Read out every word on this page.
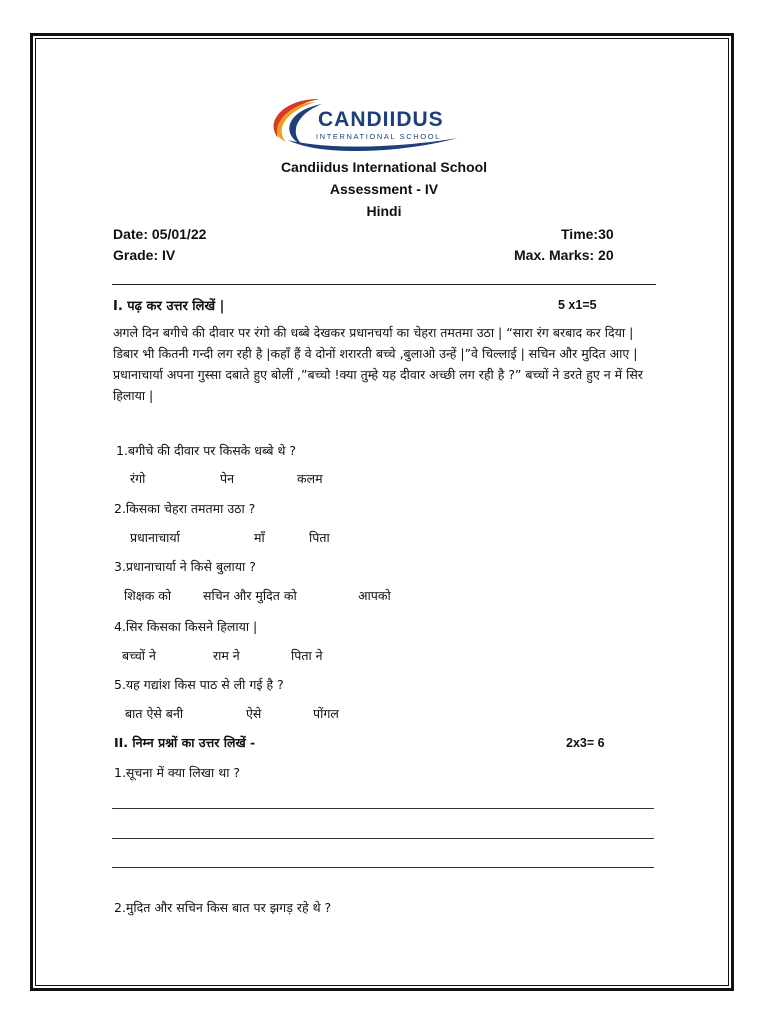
CANDIIDUS
INTERNATIONAL SCHOOL
Candiidus International School
Assessment - IV
Hindi
Date: 05/01/22	Time:30
Grade: IV	Max. Marks: 20
I. पढ़ कर उत्तर लिखें |	5 x1=5
अगले दिन बगीचे की दीवार पर रंगो की धब्बे देखकर प्रधानचर्या का चेहरा तमतमा उठा | “सारा रंग बरबाद कर दिया | डिबार भी कितनी गन्दी लग रही है |कहाँ हैं वे दोनों शरारती बच्चे ,बुलाओ उन्हें |”वे चिल्लाई | सचिन और मुदित आए | प्रधानाचार्या अपना गुस्सा दबाते हुए बोलीं ,”बच्चो !क्या तुम्हे यह दीवार अच्छी लग रही है ?” बच्चों ने डरते हुए न में सिर हिलाया |
1.बगीचे की दीवार पर किसके धब्बे थे ?
रंगो	पेन	कलम
2.किसका चेहरा तमतमा उठा ?
प्रधानाचार्या	माँ	पिता
3.प्रधानाचार्या ने किसे बुलाया ?
शिक्षक को	सचिन और मुदित को	आपको
4.सिर किसका किसने हिलाया |
बच्चों ने	राम ने	पिता ने
5.यह गद्यांश किस पाठ से ली गई है ?
बात ऐसे बनी	ऐसे	पोंगल
II. निम्न प्रश्नों का उत्तर लिखें -	2x3= 6
1.सूचना में क्या लिखा था ?
2.मुदित और सचिन किस बात पर झगड़ रहे थे ?
